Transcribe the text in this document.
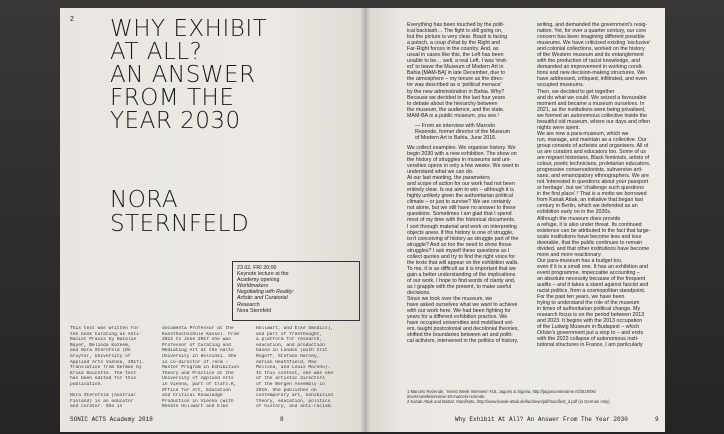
2 WHY EXHIBIT
AT ALL?
AN ANSWER
FROM THE
YEAR 2030
NORA
STERNFELD
23.02, FRI 20:00
Keynote lecture at the
Academy opening
Worldmakers
Negotiating with Reality:
Artistic and Curatorial
Research
Nora Sternfeld
This text was written for
the book Curating as Anti-
Racist Praxis by Natalie
Bayer, Belinda Kazeem,
and Nora Sternfeld (De
Gruyter, University of
Applied Arts Vienna, 2017).
Translation from German by
Erika Doucette. The text
has been edited for this
publication.

Nora Sternfeld (Austria/
Finland) is an educator
and curator. She is
documenta Professor at the
Kunsthochschule Kassel. From
2012 to June 2017 she was
Professor of Curating and
Mediating Art at the Aalto
University in Helsinki. She
is co-director of /ecm –
Master Program in Exhibition
Theory and Practice at the
University of Applied Arts
in Vienna, part of trafo.K,
Office for Art, Education
and Critical Knowledge
Production in Vienna (with
Renate Höllwart and Elke
Höllwart, and Elke Smodics),
and part of freethought,
a platform for research,
education, and production
based in London (with Irit
Rogoff, Stefano Harney,
Adrian Heathfield, Mao
Mollona, and Louis Moreno).
In this context, she was one
of the artistic directors
of the Bergen Assembly in
2016. She publishes on
contemporary art, exhibition
theory, education, politics
of history, and anti-racism.
SONIC ACTS Academy 2018	8
Everything has been touched by the polit-
ical backlash… The fight is still going on,
but the picture is very clear. Brazil is facing
a putsch, a coup d'état by the Right and
Far-Right forces in the country. And, as
usual in cases like this, the Left has been
unable to be… well, a real Left. I was 'invit-
ed' to leave the Museum of Modern Art in
Bahia [MAM-BA] in late December, due to
the atmosphere – my tenure as the direc-
tor was described as a 'political menace'
by the new administration in Bahia. Why?
Because we decided in the last four years
to debate about the hierarchy between
the museum, the audience, and the state.
MAM-BA is a public museum, you see.¹
— From an interview with Marcelo
Rezende, former director of the Museum
of Modern Art in Bahia, June 2016.
We collect examples. We organise history. We
begin 2030 with a new exhibition. The show on
the history of struggles in museums and uni-
versities opens in only a few weeks. We want to
understand what we can do.
At our last meeting, the parameters
and scope of action for our work had not been
entirely clear. Is our aim to win – although it is
highly unlikely given the authoritarian political
climate – or just to survive? We are certainly
not alone, but we still have no answer to these
questions. Sometimes I am glad that I spend
most of my time with the historical documents.
I sort through material and work on interpreting
objects anew. If this history is one of struggle,
isn't conceiving of history as struggle part of the
struggle? And so too the need to show those
struggles? I ask myself these questions as I
collect quotes and try to find the right voice for
the texts that will appear on the exhibition walls.
To me, it is as difficult as it is important that we
gain a better understanding of the implications
of our work. I hope to find words of clarity and,
as I grapple with the present, to make useful
decisions.
Since we took over the museum, we
have asked ourselves what we want to achieve
with our work here. We had been fighting for
years for a different exhibition practice. We
have occupied universities and mobilised vot-
ers, taught postcolonial and decolonial theories,
shifted the boundaries between art and politi-
cal activism, intervened in the politics of history,
writing, and demanded the government's resig-
nation. Yet, for over a quarter century, our core
concern has been imagining different possible
museums. We have criticised existing 'exclusive'
and colonial collections, worked on the history
of the Western museum and its entanglement
with the production of racist knowledge, and
demanded an improvement in working condi-
tions and new decision-making structures. We
have addressed, critiqued, infiltrated, and even
occupied museums.
Then, we decided to get together
and do what we could. We seized a favourable
moment and became a museum ourselves. In
2021, as the institutions were being privatised,
we formed an autonomous collective inside the
beautiful old museum, where our days and often
nights were spent.
We are now a para-museum, which we
run, manage, and maintain as a collective. Our
group consists of activists and organisers. All of
us are curators and educators too. Some of us
are migrant historians, Black feminists, artists of
colour, poetic technicians, proletarian educators,
progressive conservationists, subversive arti-
sans, and emancipatory ethnographers. We are
not 'interested in questions about your passport
or heritage', but we 'challenge such questions
in the first place'.² That is a motto we borrowed
from Kanak Attak, an initiative that began last
century in Berlin, which we defended as an
exhibition early on in the 2020s.
Although the museum does provide
a refuge, it is also under threat. Its continued
existence can be attributed to the fact that large-
scale institutions have become less and less
desirable, that the public continues to remain
divided, and that other institutions have become
more and more reactionary.
Our para-museum has a budget too,
even if it is a small one. It has an exhibition and
event programme, impeccable accounting –
an absolute necessity because of the frequent
audits – and it takes a stand against fascist and
racist politics, from a cosmopolitan standpoint.
For the past ten years, we have been
trying to understand the role of the museum
in times of authoritarian political change. My
research focus is on the period between 2013
and 2023. It begins with the 2013 occupation
of the Ludwig Museum in Budapest – which
Orbán's government put a stop to – and ends
with the 2023 collapse of autonomous insti-
tutional structures in France, I am particularly
1 Marcelo Rezende, 'Invest Week Interview' #18, Jagons & Sigoria, http://jagoncenteraime.nl/2016/06/
invest-weekinterview-18-marcelo-rezende.
2 Kanak Attak und Basta!, Manifesto, http://www.kanak-attak.de/ka/down/pdf/manifest_d.pdf (in German only).
Why Exhibit At All? An Answer From The Year 2030	9
